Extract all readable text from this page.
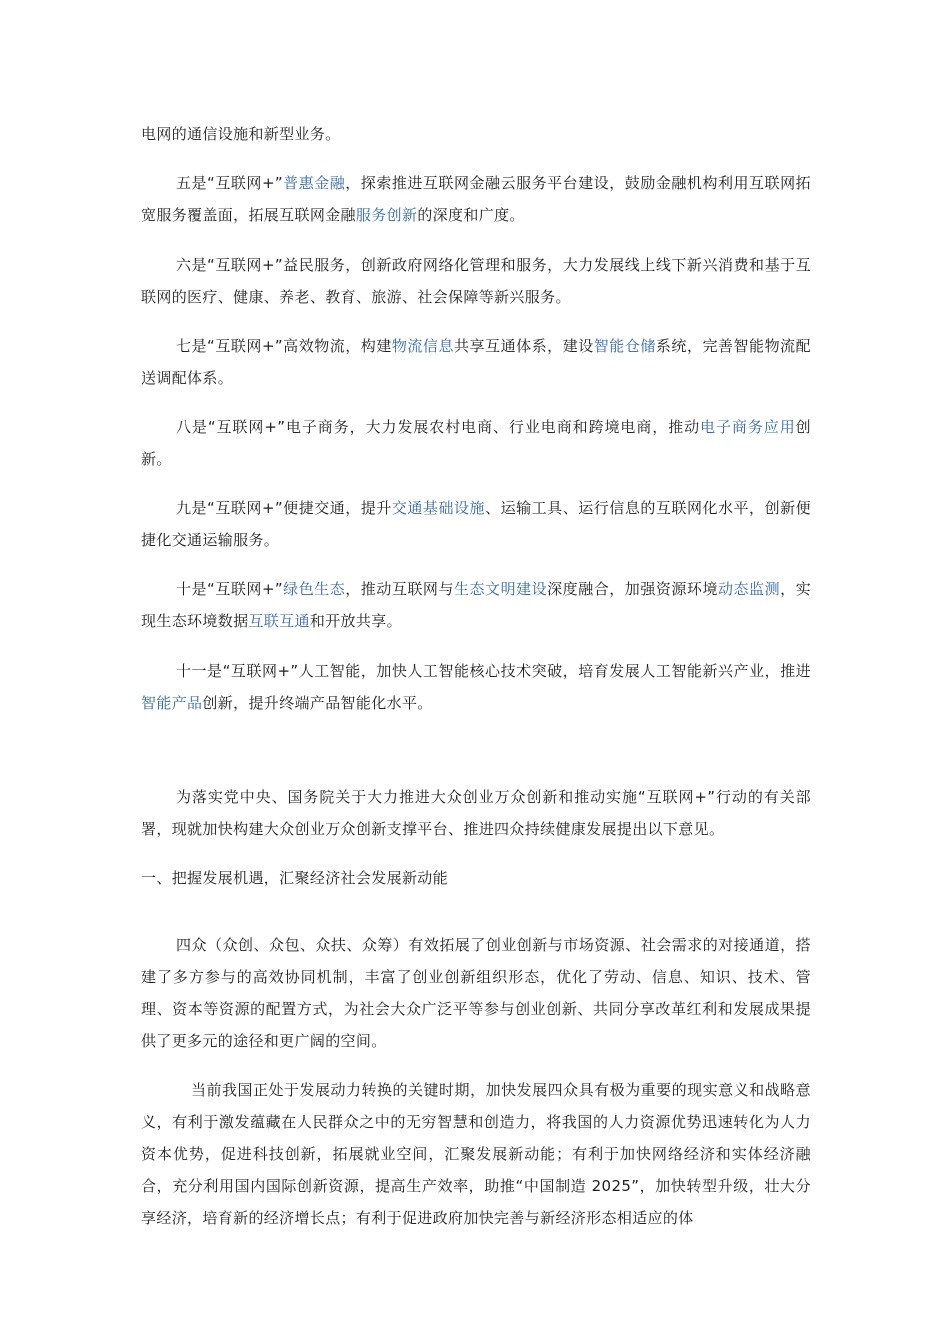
电网的通信设施和新型业务。

五是“互联网+”普惠金融，探索推进互联网金融云服务平台建设，鼓励金融机构利用互联网拓宽服务覆盖面，拓展互联网金融服务创新的深度和广度。

六是“互联网+”益民服务，创新政府网络化管理和服务，大力发展线上线下新兴消费和基于互联网的医疗、健康、养老、教育、旅游、社会保障等新兴服务。

七是“互联网+”高效物流，构建物流信息共享互通体系，建设智能仓储系统，完善智能物流配送调配体系。

八是“互联网+”电子商务，大力发展农村电商、行业电商和跨境电商，推动电子商务应用创新。

九是“互联网+”便捷交通，提升交通基础设施、运输工具、运行信息的互联网化水平，创新便捷化交通运输服务。

十是“互联网+”绿色生态，推动互联网与生态文明建设深度融合，加强资源环境动态监测，实现生态环境数据互联互通和开放共享。

十一是“互联网+”人工智能，加快人工智能核心技术突破，培育发展人工智能新兴产业，推进智能产品创新，提升终端产品智能化水平。

为落实党中央、国务院关于大力推进大众创业万众创新和推动实施“互联网+”行动的有关部署，现就加快构建大众创业万众创新支撑平台、推进四众持续健康发展提出以下意见。

一、把握发展机遇，汇聚经济社会发展新动能

四众（众创、众包、众扶、众筹）有效拓展了创业创新与市场资源、社会需求的对接通道，搭建了多方参与的高效协同机制，丰富了创业创新组织形态，优化了劳动、信息、知识、技术、管理、资本等资源的配置方式，为社会大众广泛平等参与创业创新、共同分享改革红利和发展成果提供了更多元的途径和更广阔的空间。

当前我国正处于发展动力转换的关键时期，加快发展四众具有极为重要的现实意义和战略意义，有利于激发蕴藏在人民群众之中的无穷智慧和创造力，将我国的人力资源优势迅速转化为人力资本优势，促进科技创新，拓展就业空间，汇聚发展新动能；有利于加快网络经济和实体经济融合，充分利用国内国际创新资源，提高生产效率，助推“中国制造 2025”，加快转型升级，壮大分享经济，培育新的经济增长点；有利于促进政府加快完善与新经济形态相适应的体
